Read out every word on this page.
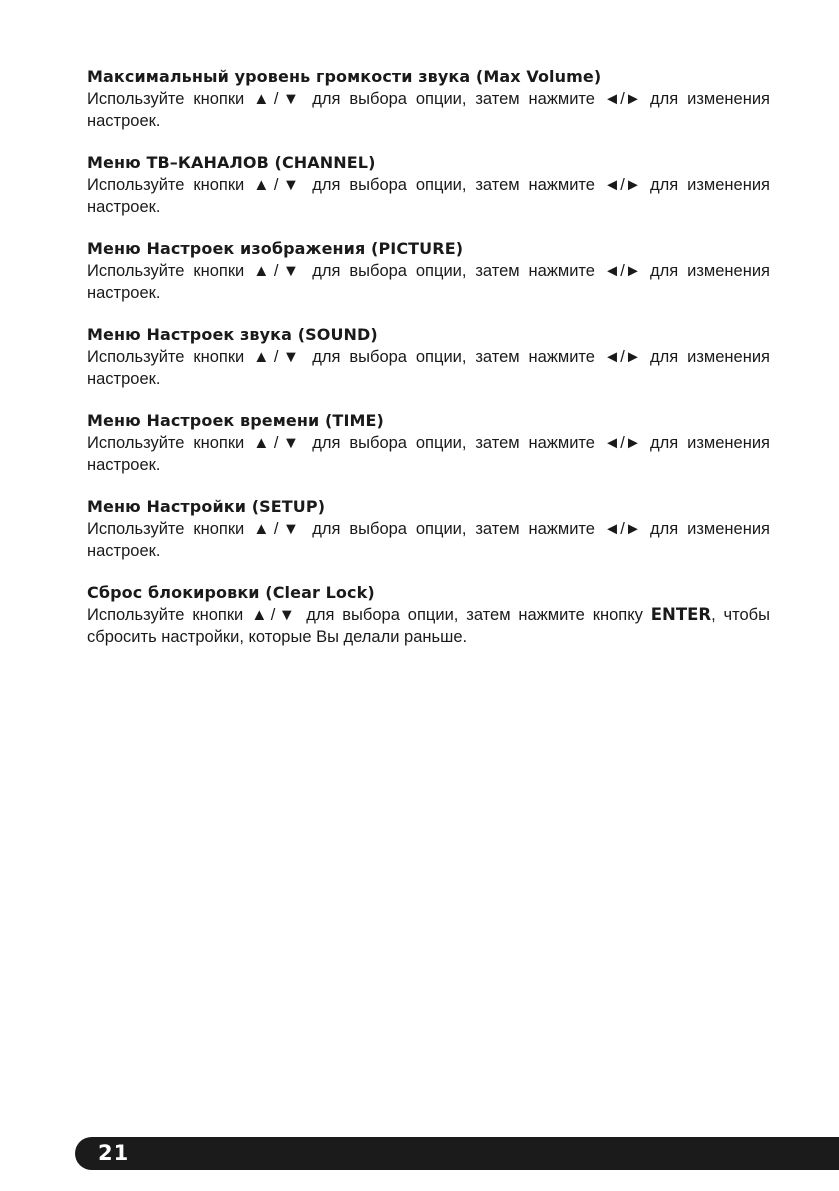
Максимальный уровень громкости звука (Max Volume)

Используйте кнопки ▲/▼ для выбора опции, затем нажмите ◄/► для изменения настроек.

Меню ТВ–КАНАЛОВ (CHANNEL)

Используйте кнопки ▲/▼ для выбора опции, затем нажмите ◄/► для изменения настроек.

Меню Настроек изображения (PICTURE)

Используйте кнопки ▲/▼ для выбора опции, затем нажмите ◄/► для изменения настроек.

Меню Настроек звука (SOUND)

Используйте кнопки ▲/▼ для выбора опции, затем нажмите ◄/► для изменения настроек.

Меню Настроек времени (TIME)

Используйте кнопки ▲/▼ для выбора опции, затем нажмите ◄/► для изменения настроек.

Меню Настройки (SETUP)

Используйте кнопки ▲/▼ для выбора опции, затем нажмите ◄/► для изменения настроек.

Сброс блокировки (Clear Lock)

Используйте кнопки ▲/▼ для выбора опции, затем нажмите кнопку ENTER, чтобы сбросить настройки, которые Вы делали раньше.

21
